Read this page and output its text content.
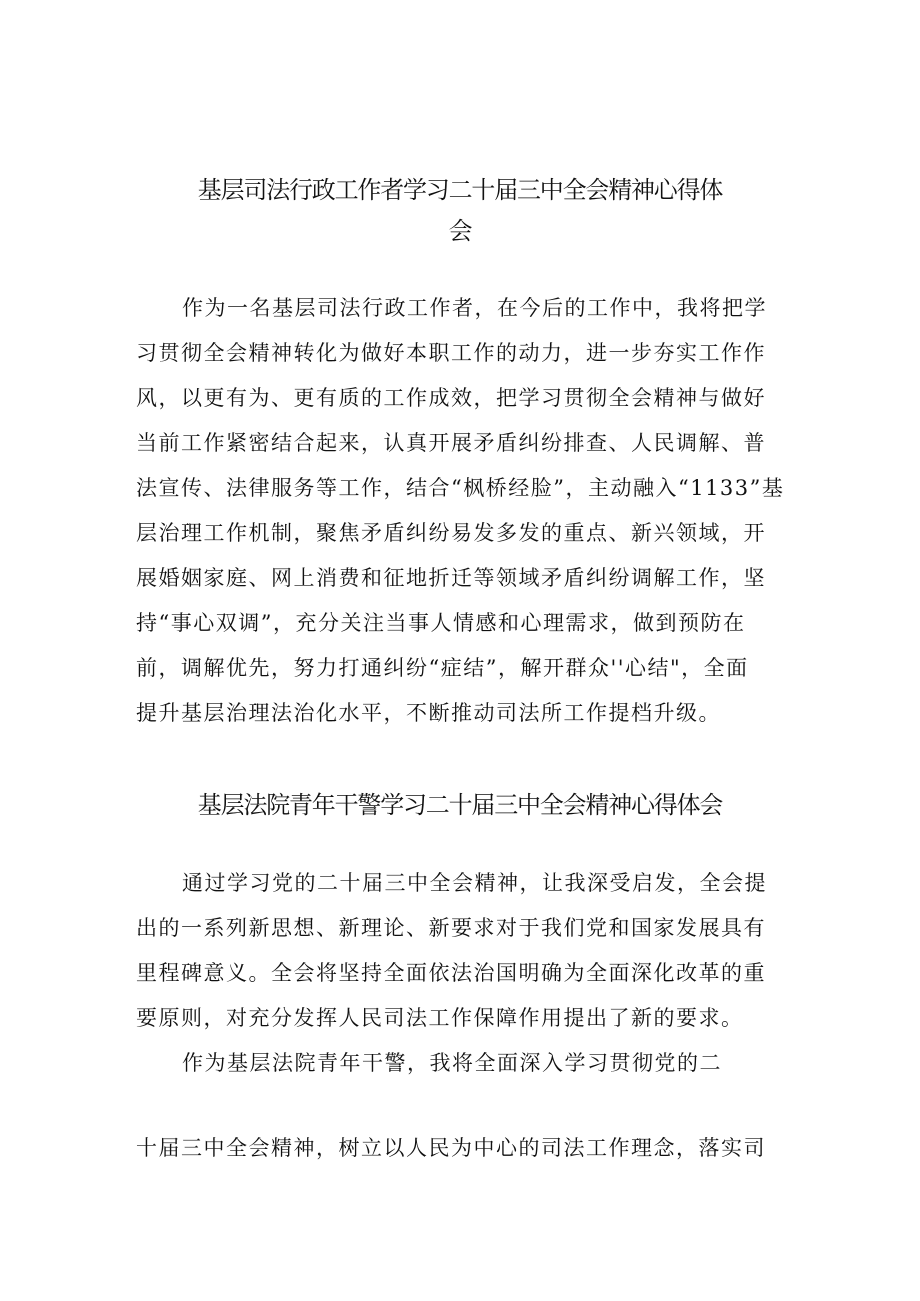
基层司法行政工作者学习二十届三中全会精神心得体
会

作为一名基层司法行政工作者，在今后的工作中，我将把学

习贯彻全会精神转化为做好本职工作的动力，进一步夯实工作作

风，以更有为、更有质的工作成效，把学习贯彻全会精神与做好

当前工作紧密结合起来，认真开展矛盾纠纷排查、人民调解、普

法宣传、法律服务等工作，结合“枫桥经脸”，主动融入“1133”基

层治理工作机制，聚焦矛盾纠纷易发多发的重点、新兴领域，开

展婚姻家庭、网上消费和征地折迁等领域矛盾纠纷调解工作，坚

持“事心双调”，充分关注当事人情感和心理需求，做到预防在

前，调解优先，努力打通纠纷“症结”，解开群众''心结"，全面

提升基层治理法治化水平，不断推动司法所工作提档升级。

基层法院青年干警学习二十届三中全会精神心得体会

通过学习党的二十届三中全会精神，让我深受启发，全会提

出的一系列新思想、新理论、新要求对于我们党和国家发展具有

里程碑意义。全会将坚持全面依法治国明确为全面深化改革的重

要原则，对充分发挥人民司法工作保障作用提出了新的要求。

作为基层法院青年干警，我将全面深入学习贯彻党的二

十届三中全会精神，树立以人民为中心的司法工作理念，落实司
